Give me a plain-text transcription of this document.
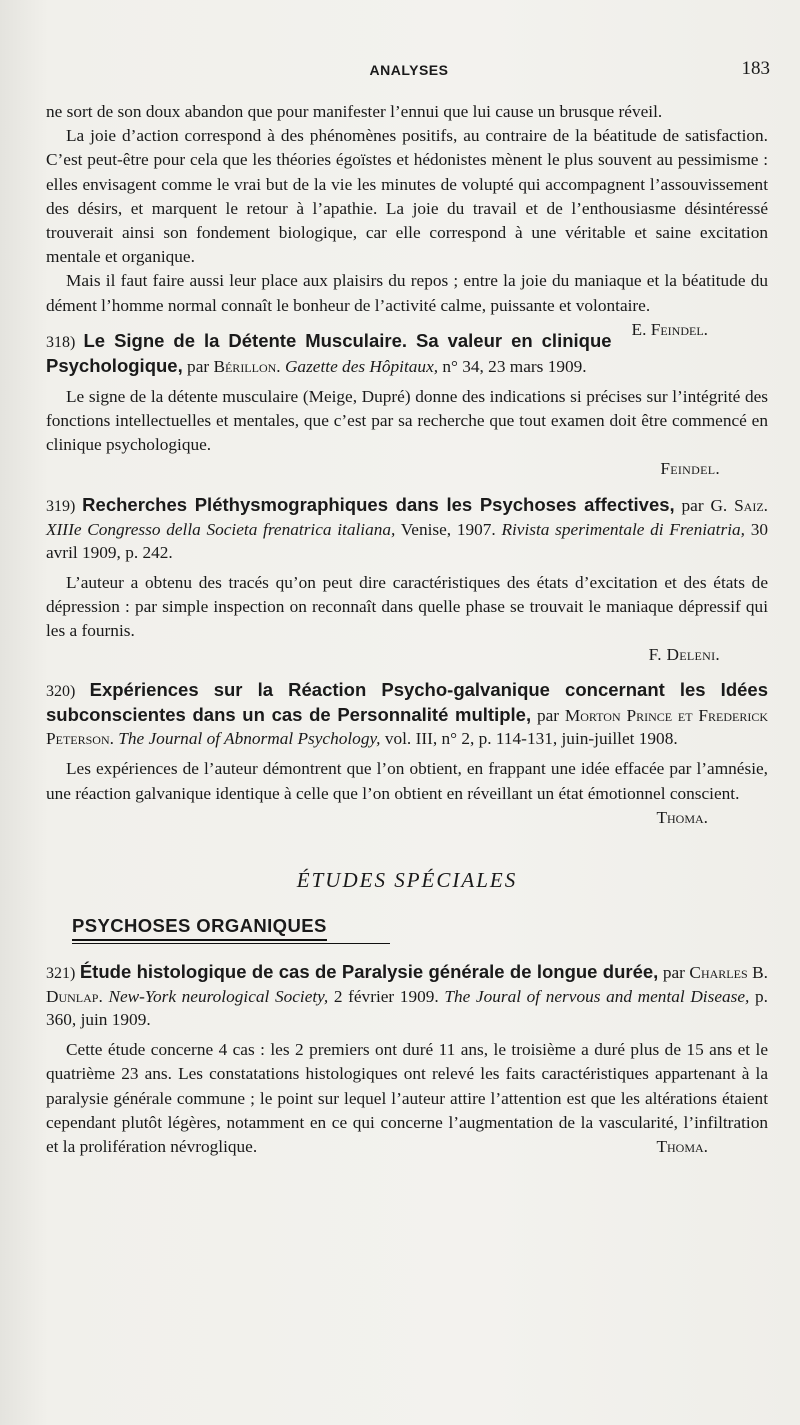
ANALYSES	183

ne sort de son doux abandon que pour manifester l’ennui que lui cause un brusque réveil.

La joie d’action correspond à des phénomènes positifs, au contraire de la béatitude de satisfaction. C’est peut-être pour cela que les théories égoïstes et hédonistes mènent le plus souvent au pessimisme : elles envisagent comme le vrai but de la vie les minutes de volupté qui accompagnent l’assouvissement des désirs, et marquent le retour à l’apathie. La joie du travail et de l’enthousiasme désintéressé trouverait ainsi son fondement biologique, car elle correspond à une véritable et saine excitation mentale et organique.

Mais il faut faire aussi leur place aux plaisirs du repos ; entre la joie du maniaque et la béatitude du dément l’homme normal connaît le bonheur de l’activité calme, puissante et volontaire.
E. Feindel.

318) Le Signe de la Détente Musculaire. Sa valeur en clinique Psychologique, par Bérillon. Gazette des Hôpitaux, n° 34, 23 mars 1909.

Le signe de la détente musculaire (Meige, Dupré) donne des indications si précises sur l’intégrité des fonctions intellectuelles et mentales, que c’est par sa recherche que tout examen doit être commencé en clinique psychologique.

Feindel.

319) Recherches Pléthysmographiques dans les Psychoses affectives, par G. Saiz. XIIIe Congresso della Societa frenatrica italiana, Venise, 1907. Rivista sperimentale di Freniatria, 30 avril 1909, p. 242.

L’auteur a obtenu des tracés qu’on peut dire caractéristiques des états d’excitation et des états de dépression : par simple inspection on reconnaît dans quelle phase se trouvait le maniaque dépressif qui les a fournis.

F. Deleni.

320) Expériences sur la Réaction Psycho-galvanique concernant les Idées subconscientes dans un cas de Personnalité multiple, par Morton Prince et Frederick Peterson. The Journal of Abnormal Psychology, vol. III, n° 2, p. 114-131, juin-juillet 1908.

Les expériences de l’auteur démontrent que l’on obtient, en frappant une idée effacée par l’amnésie, une réaction galvanique identique à celle que l’on obtient en réveillant un état émotionnel conscient.
Thoma.

ÉTUDES SPÉCIALES
PSYCHOSES ORGANIQUES

321) Étude histologique de cas de Paralysie générale de longue durée, par Charles B. Dunlap. New-York neurological Society, 2 février 1909. The Joural of nervous and mental Disease, p. 360, juin 1909.

Cette étude concerne 4 cas : les 2 premiers ont duré 11 ans, le troisième a duré plus de 15 ans et le quatrième 23 ans. Les constatations histologiques ont relevé les faits caractéristiques appartenant à la paralysie générale commune ; le point sur lequel l’auteur attire l’attention est que les altérations étaient cependant plutôt légères, notamment en ce qui concerne l’augmentation de la vascularité, l’infiltration et la prolifération névroglique.	Thoma.
